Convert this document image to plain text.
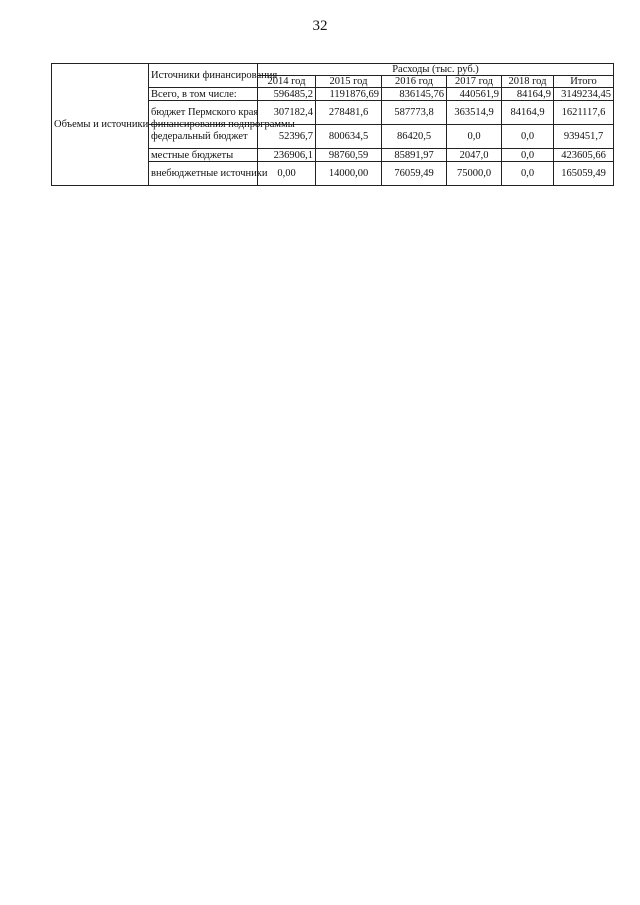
32
Объемы и источники финансирования подпрограммы	Источники финансирования	Расходы (тыс. руб.)					
		2014 год	2015 год	2016 год	2017 год	2018 год	Итого
	Всего, в том числе:	596485,2	1191876,69	836145,76	440561,9	84164,9	3149234,45
	бюджет Пермского края	307182,4	278481,6	587773,8	363514,9	84164,9	1621117,6
	федеральный бюджет	52396,7	800634,5	86420,5	0,0	0,0	939451,7
	местные бюджеты	236906,1	98760,59	85891,97	2047,0	0,0	423605,66
	внебюджетные источники	0,00	14000,00	76059,49	75000,0	0,0	165059,49
